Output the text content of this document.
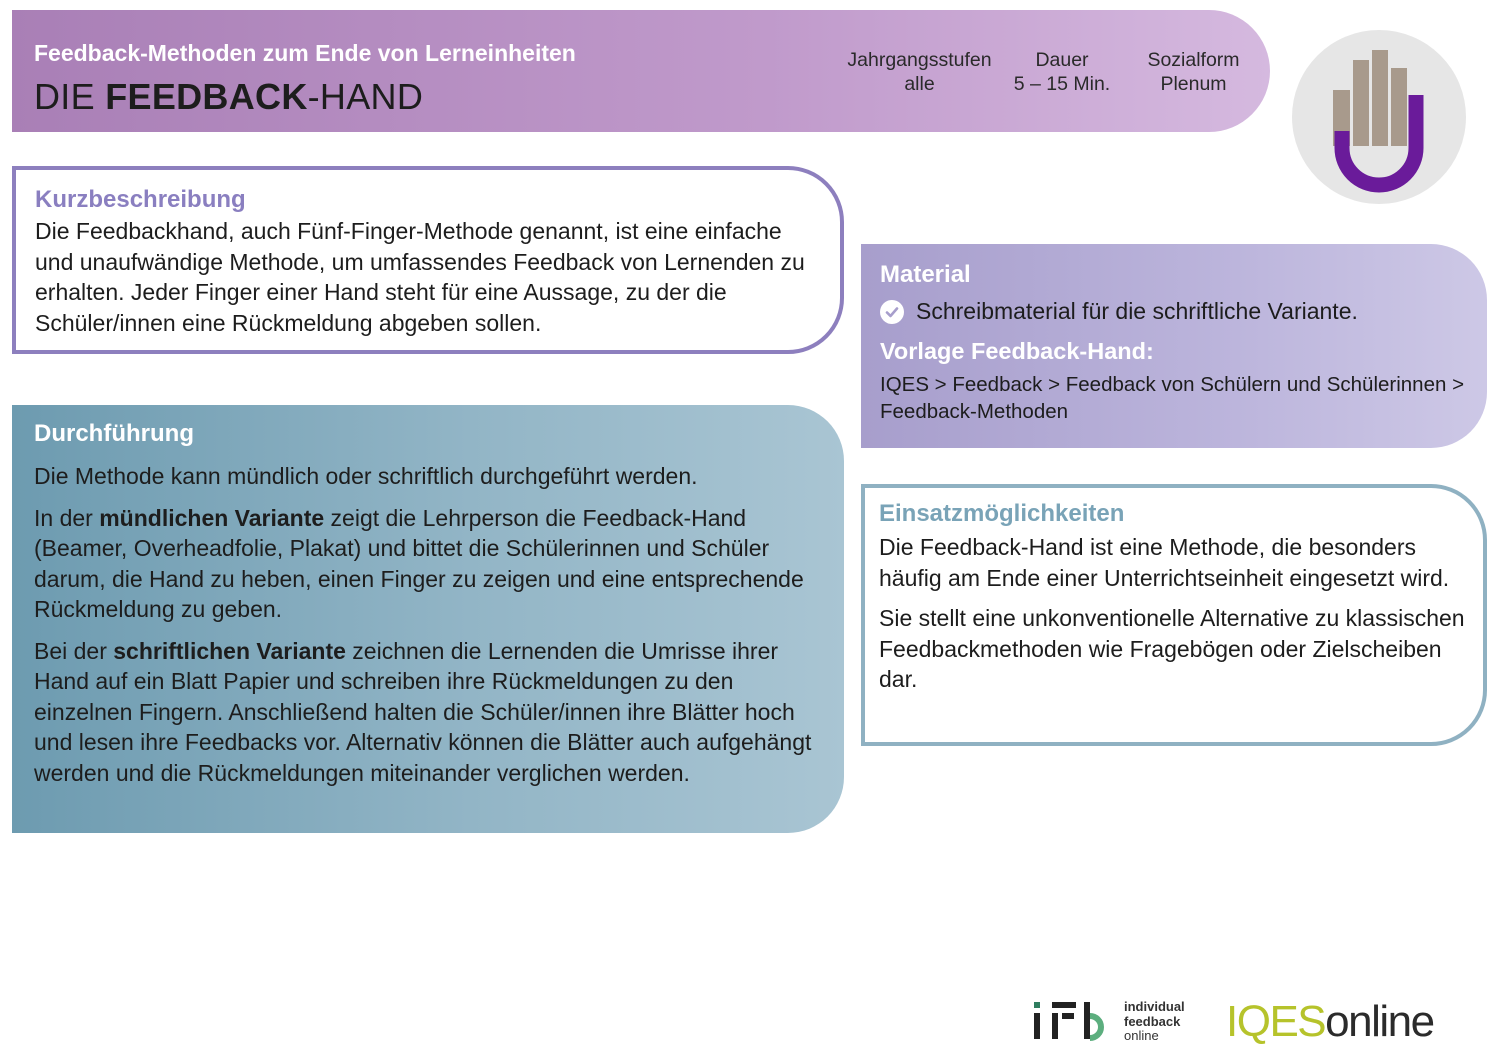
Feedback-Methoden zum Ende von Lerneinheiten
DIE FEEDBACK-HAND
Jahrgangsstufen
alle
Dauer
5 – 15 Min.
Sozialform
Plenum
Kurzbeschreibung

Die Feedbackhand, auch Fünf-Finger-Methode genannt, ist eine einfache und unaufwändige Methode, um umfassendes Feedback von Lernenden zu erhalten. Jeder Finger einer Hand steht für eine Aussage, zu der die Schüler/innen eine Rückmeldung abgeben sollen.

Durchführung

Die Methode kann mündlich oder schriftlich durchgeführt werden.

In der mündlichen Variante zeigt die Lehrperson die Feedback-Hand (Beamer, Overheadfolie, Plakat) und bittet die Schülerinnen und Schüler darum, die Hand zu heben, einen Finger zu zeigen und eine entsprechende Rückmeldung zu geben.

Bei der schriftlichen Variante zeichnen die Lernenden die Umrisse ihrer Hand auf ein Blatt Papier und schreiben ihre Rückmeldungen zu den einzelnen Fingern. Anschließend halten die Schüler/innen ihre Blätter hoch und lesen ihre Feedbacks vor. Alternativ können die Blätter auch aufgehängt werden und die Rückmeldungen miteinander verglichen werden.

Material
Schreibmaterial für die schriftliche Variante.
Vorlage Feedback-Hand:
IQES > Feedback > Feedback von Schülern und Schülerinnen > Feedback-Methoden
Einsatzmöglichkeiten

Die Feedback-Hand ist eine Methode, die besonders häufig am Ende einer Unterrichtseinheit eingesetzt wird.

Sie stellt eine unkonventionelle Alternative zu klassischen Feedbackmethoden wie Fragebögen oder Zielscheiben dar.

individual
feedback
online	IQESonline
